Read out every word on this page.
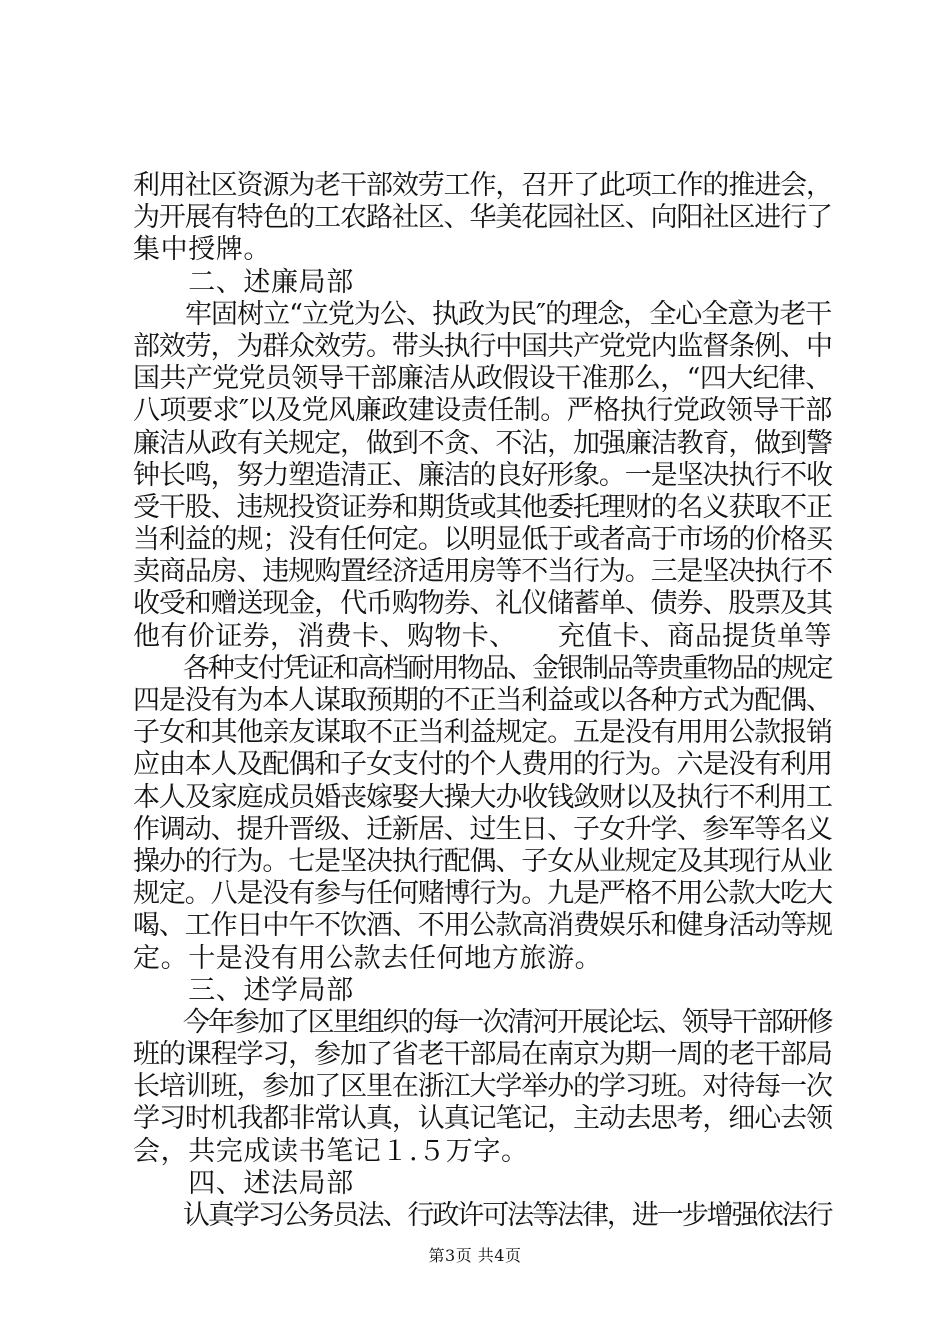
利用社区资源为老干部效劳工作，召开了此项工作的推进会，
为开展有特色的工农路社区、华美花园社区、向阳社区进行了
集中授牌。
　　二、述廉局部
　　牢固树立“立党为公、执政为民″的理念，全心全意为老干
部效劳，为群众效劳。带头执行中国共产党党内监督条例、中
国共产党党员领导干部廉洁从政假设干准那么，“四大纪律、
八项要求″以及党风廉政建设责任制。严格执行党政领导干部
廉洁从政有关规定，做到不贪、不沾，加强廉洁教育，做到警
钟长鸣，努力塑造清正、廉洁的良好形象。一是坚决执行不收
受干股、违规投资证券和期货或其他委托理财的名义获取不正
当利益的规；没有任何定。以明显低于或者高于市场的价格买
卖商品房、违规购置经济适用房等不当行为。三是坚决执行不
收受和赠送现金，代币购物券、礼仪储蓄单、债券、股票及其
他有价证券，消费卡、购物卡、　　充值卡、商品提货单等
　　各种支付凭证和高档耐用物品、金银制品等贵重物品的规定
四是没有为本人谋取预期的不正当利益或以各种方式为配偶、
子女和其他亲友谋取不正当利益规定。五是没有用用公款报销
应由本人及配偶和子女支付的个人费用的行为。六是没有利用
本人及家庭成员婚丧嫁娶大操大办收钱敛财以及执行不利用工
作调动、提升晋级、迁新居、过生日、子女升学、参军等名义
操办的行为。七是坚决执行配偶、子女从业规定及其现行从业
规定。八是没有参与任何赌博行为。九是严格不用公款大吃大
喝、工作日中午不饮酒、不用公款高消费娱乐和健身活动等规
定。十是没有用公款去任何地方旅游。
　　三、述学局部
　　今年参加了区里组织的每一次清河开展论坛、领导干部研修
班的课程学习，参加了省老干部局在南京为期一周的老干部局
长培训班，参加了区里在浙江大学举办的学习班。对待每一次
学习时机我都非常认真，认真记笔记，主动去思考，细心去领
会，共完成读书笔记１.５万字。
　　四、述法局部
　　认真学习公务员法、行政许可法等法律，进一步增强依法行
第3页 共4页
